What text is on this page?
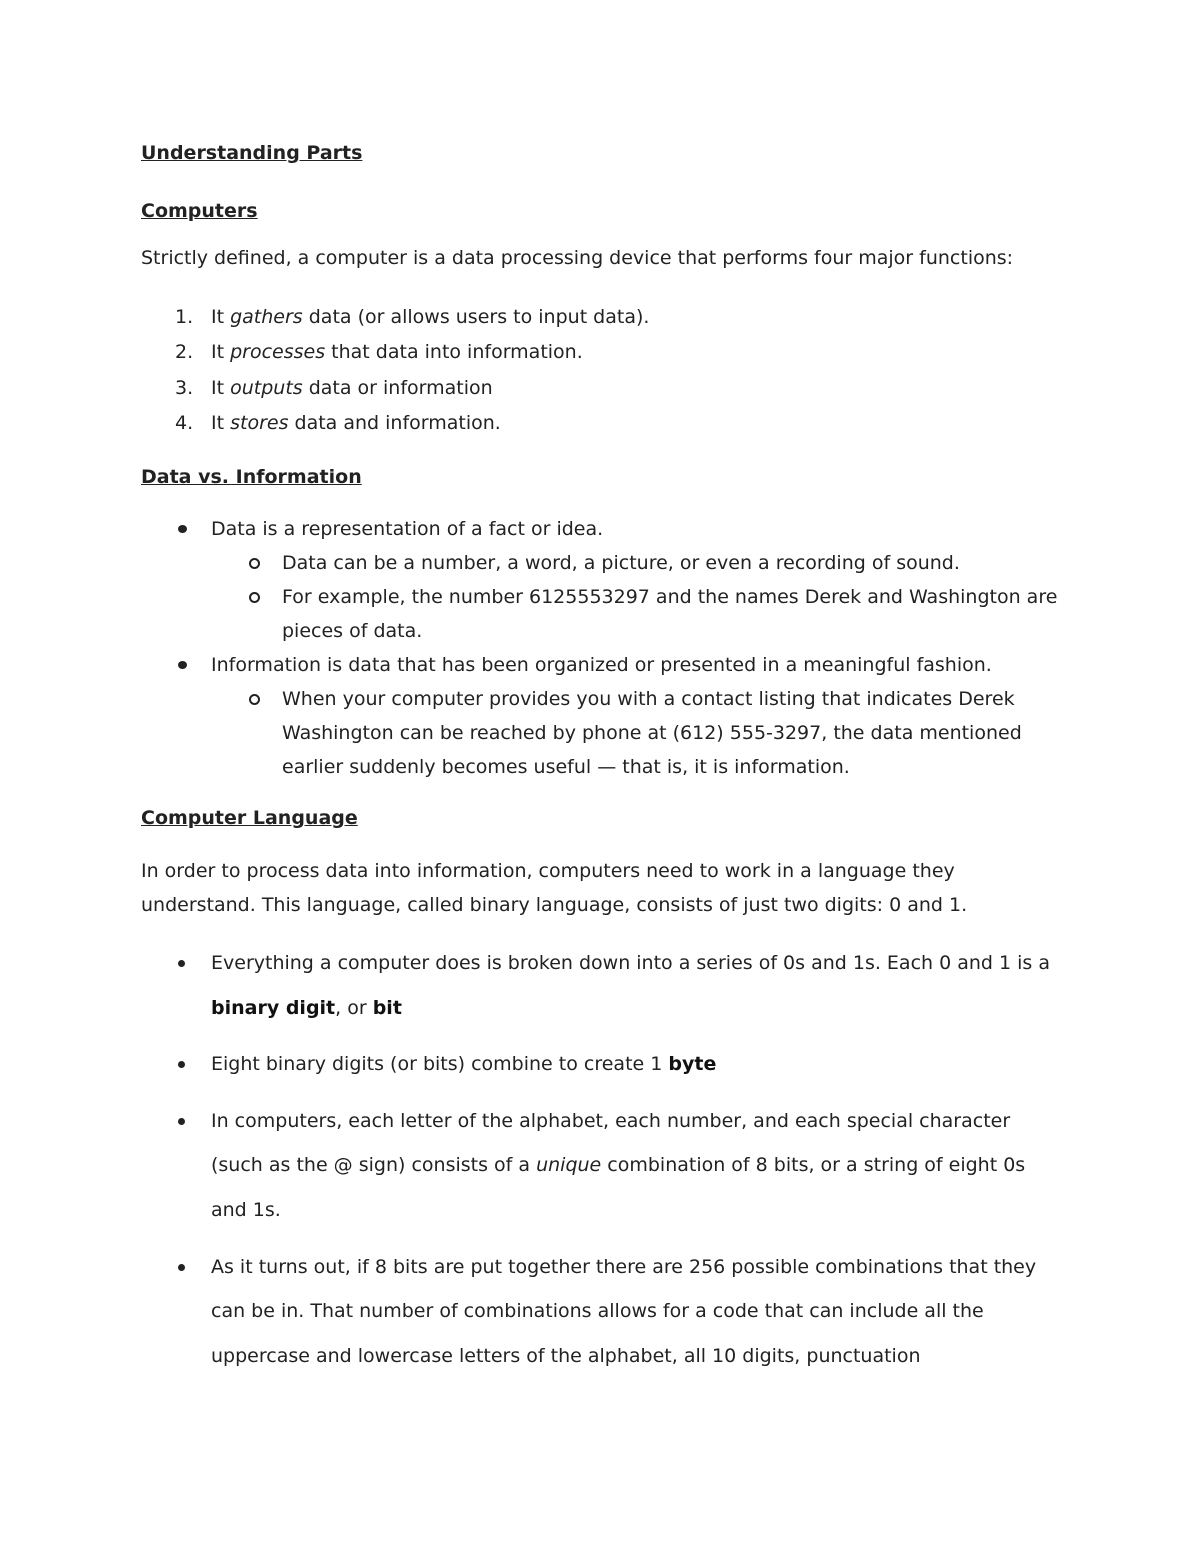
Understanding Parts
Computers

Strictly defined, a computer is a data processing device that performs four major functions:

1. It gathers data (or allows users to input data).
2. It processes that data into information.
3. It outputs data or information
4. It stores data and information.
Data vs. Information
Data is a representation of a fact or idea.
Data can be a number, a word, a picture, or even a recording of sound.
For example, the number 6125553297 and the names Derek and Washington are pieces of data.
Information is data that has been organized or presented in a meaningful fashion.
When your computer provides you with a contact listing that indicates Derek Washington can be reached by phone at (612) 555-3297, the data mentioned earlier suddenly becomes useful — that is, it is information.
Computer Language

In order to process data into information, computers need to work in a language they understand. This language, called binary language, consists of just two digits: 0 and 1.

Everything a computer does is broken down into a series of 0s and 1s. Each 0 and 1 is a binary digit, or bit
Eight binary digits (or bits) combine to create 1 byte
In computers, each letter of the alphabet, each number, and each special character (such as the @ sign) consists of a unique combination of 8 bits, or a string of eight 0s and 1s.
As it turns out, if 8 bits are put together there are 256 possible combinations that they can be in. That number of combinations allows for a code that can include all the uppercase and lowercase letters of the alphabet, all 10 digits, punctuation
